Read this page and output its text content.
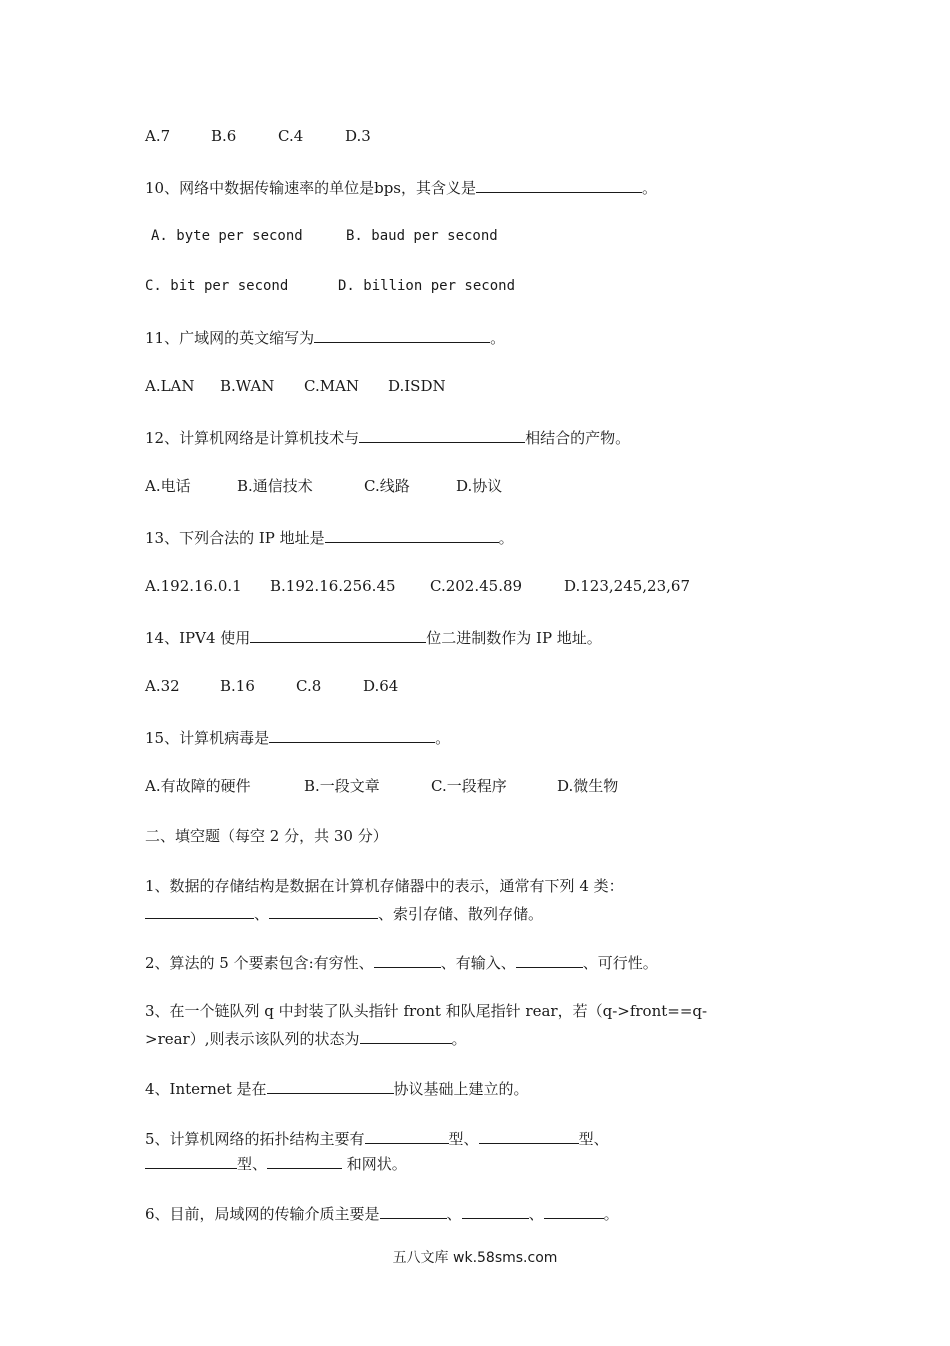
A.7	B.6	C.4	D.3
10、网络中数据传输速率的单位是bps，其含义是	。
A. byte per second	B. baud per second
C. bit per second	D. billion per second
11、广域网的英文缩写为	。
A.LAN B.WAN C.MAN D.ISDN
12、计算机网络是计算机技术与	相结合的产物。
A.电话	B.通信技术	C.线路	D.协议
13、下列合法的 IP 地址是	。
A.192.16.0.1 B.192.16.256.45 C.202.45.89	D.123,245,23,67
14、IPV4 使用	位二进制数作为 IP 地址。
A.32	B.16	C.8	D.64
15、计算机病毒是	。
A.有故障的硬件	B.一段文章	C.一段程序	D.微生物
二、填空题（每空 2 分，共 30 分）
1、数据的存储结构是数据在计算机存储器中的表示，通常有下列 4 类：
、	、索引存储、散列存储。
2、算法的 5 个要素包含:有穷性、	、有输入、	、可行性。
3、在一个链队列 q 中封装了队头指针 front 和队尾指针 rear，若（q->front==q-
>rear）,则表示该队列的状态为	。
4、Internet 是在	协议基础上建立的。
5、计算机网络的拓扑结构主要有	型、	型、
型、	和网状。
6、目前，局域网的传输介质主要是	、	、	。
五八文库 wk.58sms.com
